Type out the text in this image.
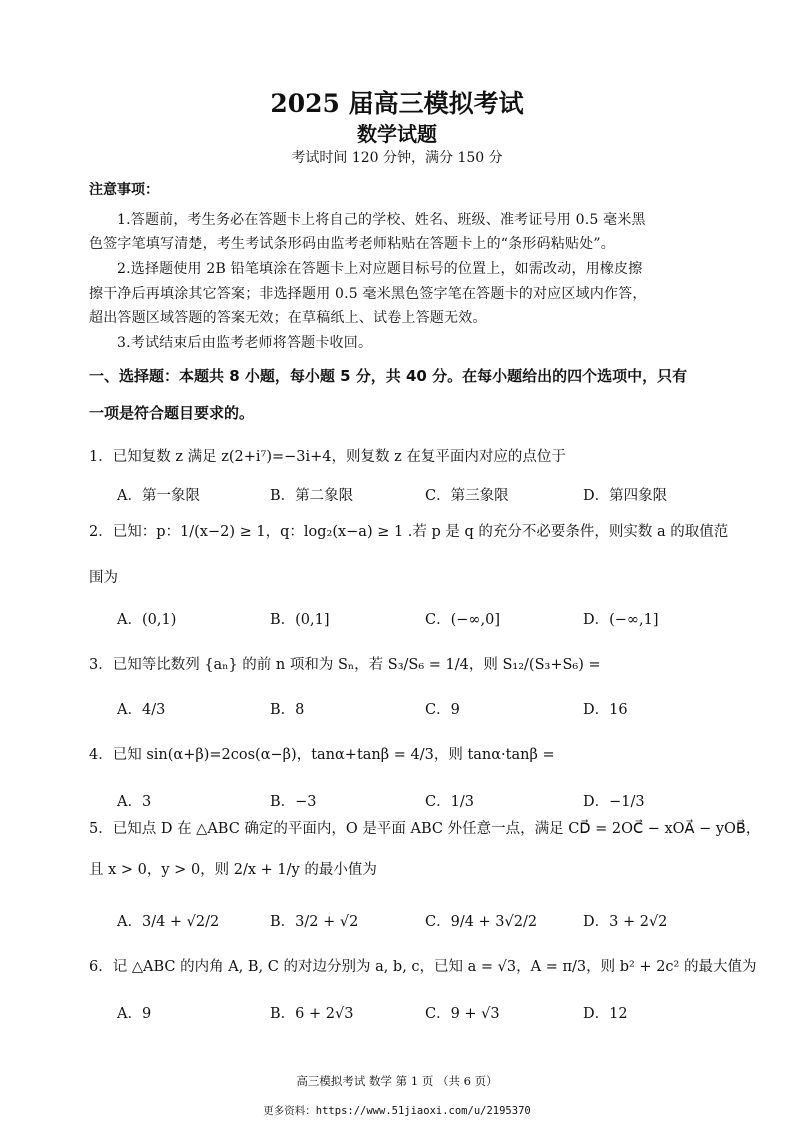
2025 届高三模拟考试
数学试题
考试时间 120 分钟，满分 150 分
注意事项：
1.答题前，考生务必在答题卡上将自己的学校、姓名、班级、准考证号用 0.5 毫米黑
色签字笔填写清楚，考生考试条形码由监考老师粘贴在答题卡上的“条形码粘贴处”。
2.选择题使用 2B 铅笔填涂在答题卡上对应题目标号的位置上，如需改动，用橡皮擦
擦干净后再填涂其它答案；非选择题用 0.5 毫米黑色签字笔在答题卡的对应区域内作答，
超出答题区域答题的答案无效；在草稿纸上、试卷上答题无效。
3.考试结束后由监考老师将答题卡收回。
一、选择题：本题共 8 小题，每小题 5 分，共 40 分。在每小题给出的四个选项中，只有
一项是符合题目要求的。
1．已知复数 z 满足 z(2+i⁷)=−3i+4，则复数 z 在复平面内对应的点位于
A．第一象限	B．第二象限	C．第三象限	D．第四象限
2．已知：p：1/(x−2) ≥ 1，q：log₂(x−a) ≥ 1 .若 p 是 q 的充分不必要条件，则实数 a 的取值范
围为
A．(0,1)	B．(0,1]	C．(−∞,0]	D．(−∞,1]
3．已知等比数列 {aₙ} 的前 n 项和为 Sₙ，若 S₃/S₆ = 1/4，则 S₁₂/(S₃+S₆) =
A．4/3	B．8	C．9	D．16
4．已知 sin(α+β)=2cos(α−β)，tanα+tanβ = 4/3，则 tanα·tanβ =
A．3	B．−3	C．1/3	D．−1/3
5．已知点 D 在 △ABC 确定的平面内，O 是平面 ABC 外任意一点，满足 CD⃗ = 2OC⃗ − xOA⃗ − yOB⃗，
且 x > 0，y > 0，则 2/x + 1/y 的最小值为
A．3/4 + √2/2	B．3/2 + √2	C．9/4 + 3√2/2	D．3 + 2√2
6．记 △ABC 的内角 A, B, C 的对边分别为 a, b, c，已知 a = √3，A = π/3，则 b² + 2c² 的最大值为
A．9	B．6 + 2√3	C．9 + √3	D．12
高三模拟考试 数学 第 1 页 （共 6 页）
更多资料：https://www.51jiaoxi.com/u/2195370
